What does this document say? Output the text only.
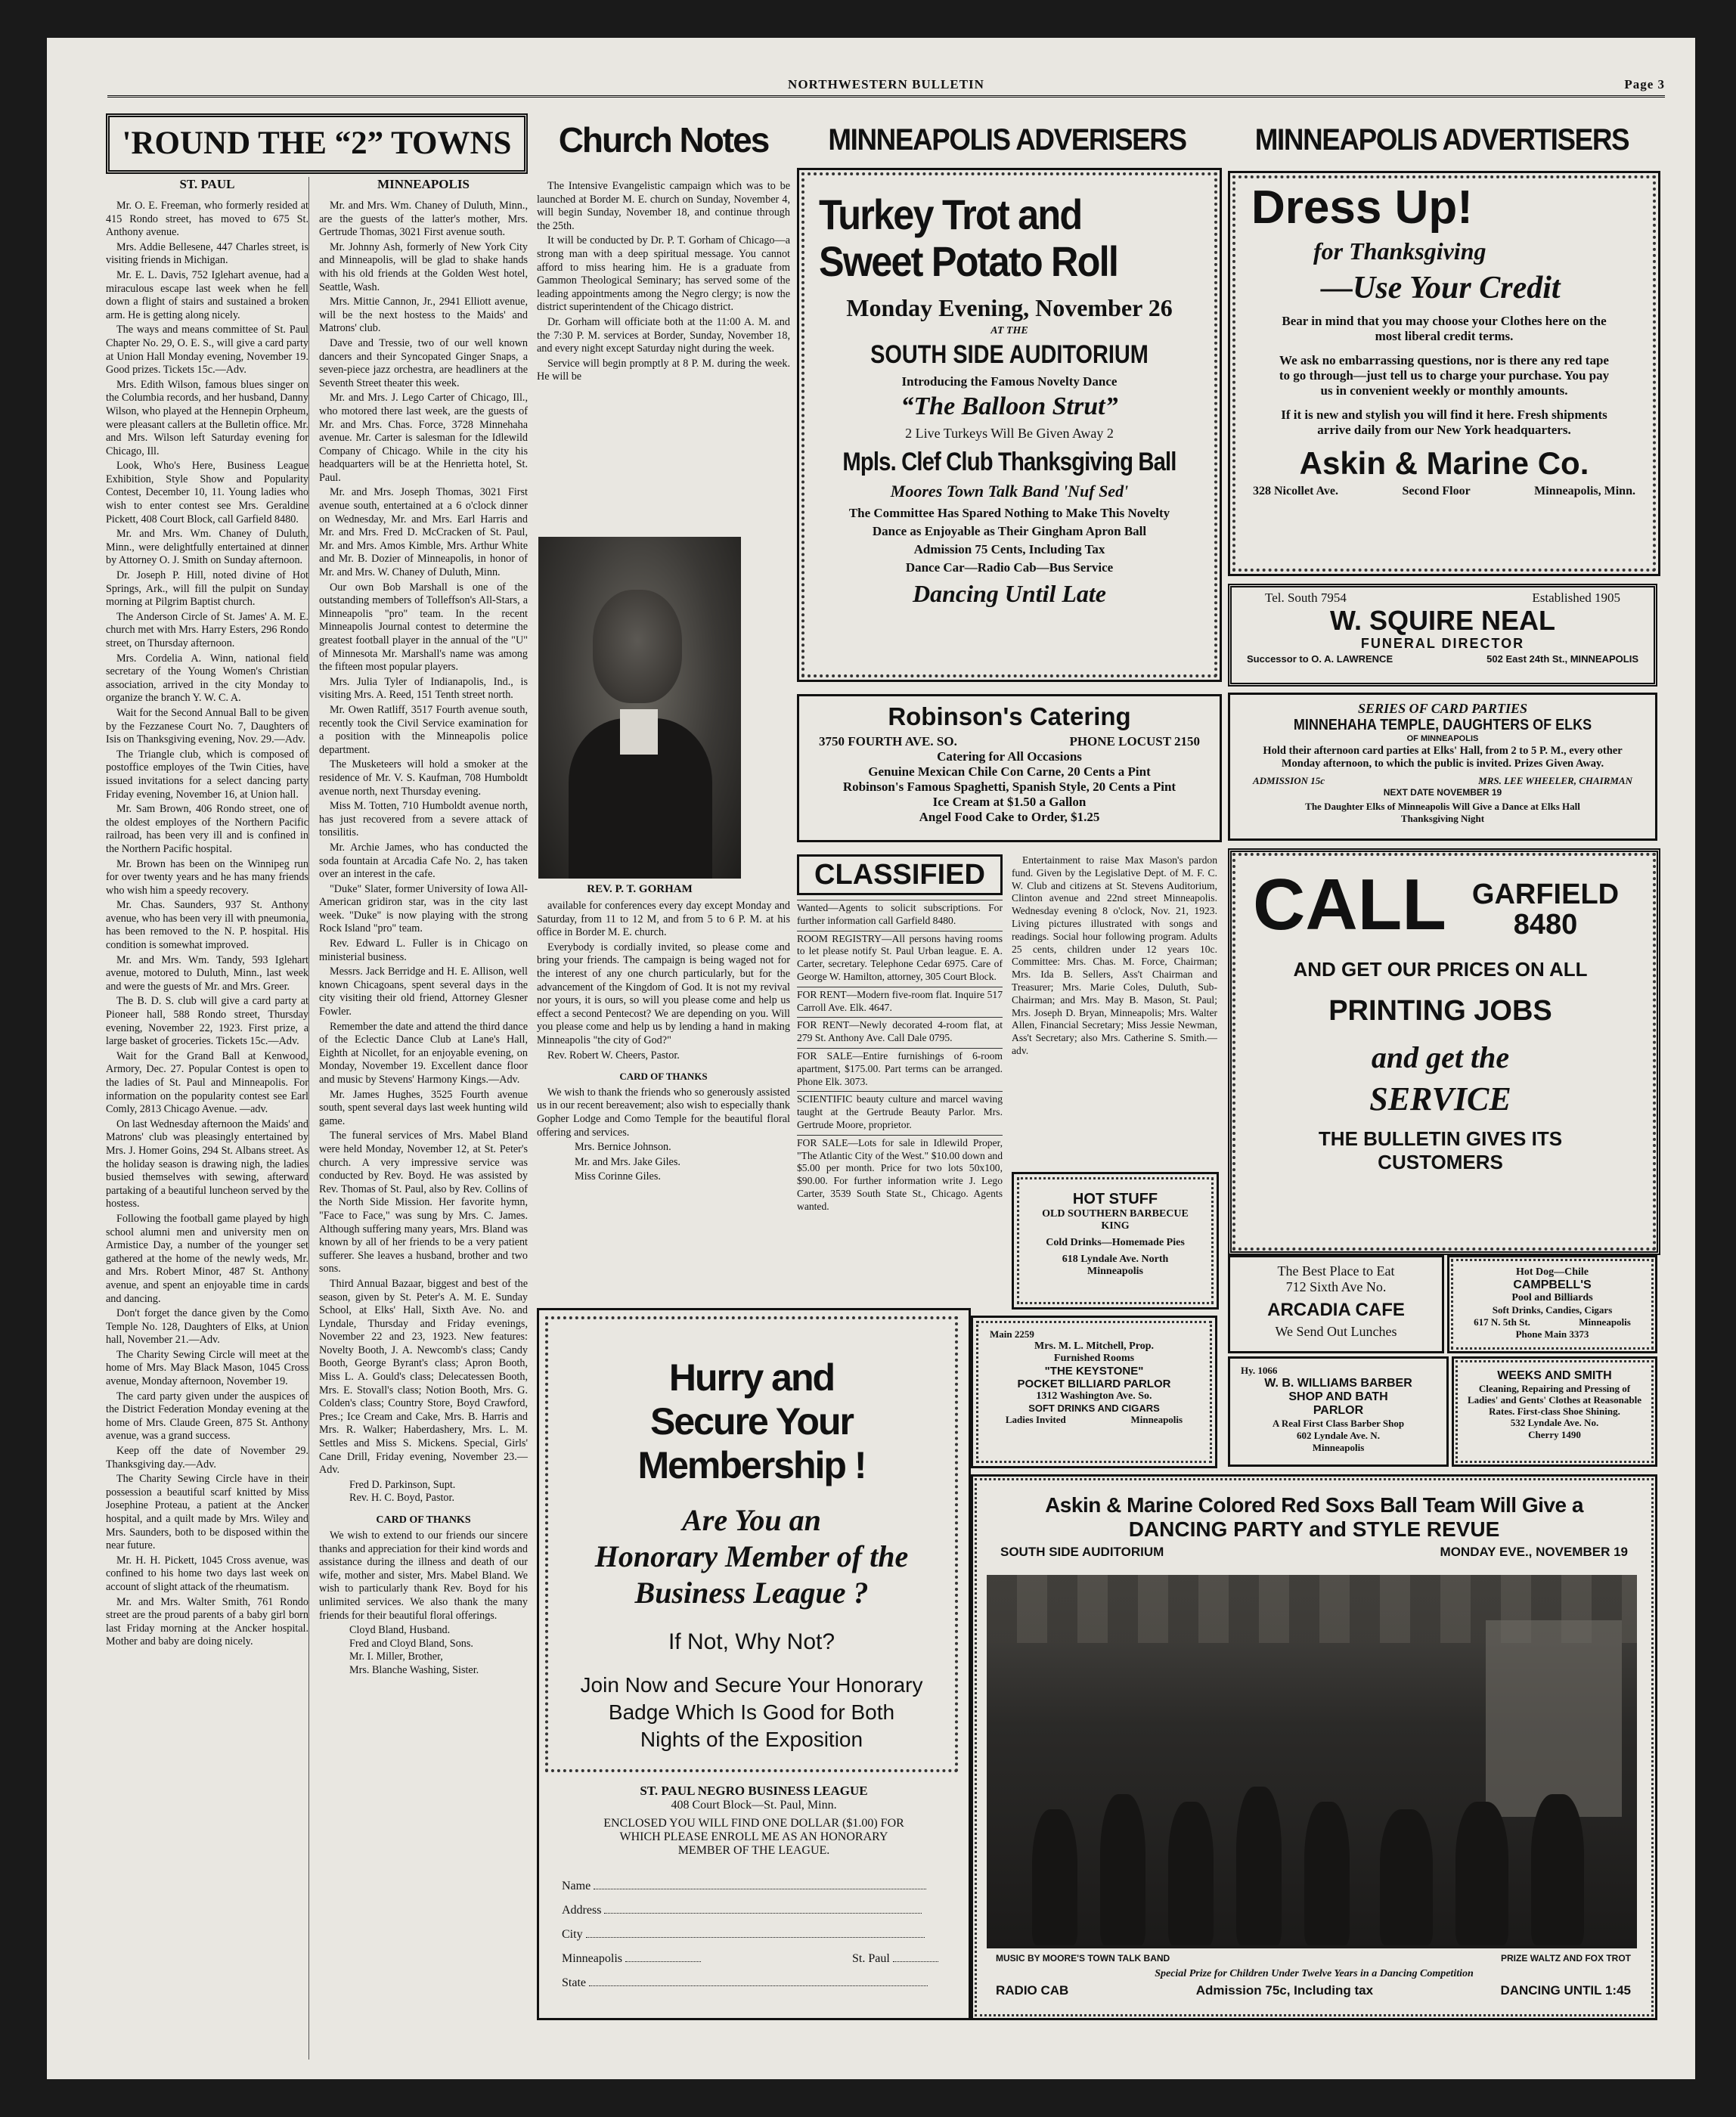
NORTHWESTERN BULLETIN	Page 3
'ROUND THE “2” TOWNS
ST. PAUL

Mr. O. E. Freeman, who formerly resided at 415 Rondo street, has moved to 675 St. Anthony avenue.

Mrs. Addie Bellesene, 447 Charles street, is visiting friends in Michigan.

Mr. E. L. Davis, 752 Iglehart avenue, had a miraculous escape last week when he fell down a flight of stairs and sustained a broken arm. He is getting along nicely.

The ways and means committee of St. Paul Chapter No. 29, O. E. S., will give a card party at Union Hall Monday evening, November 19. Good prizes. Tickets 15c.—Adv.

Mrs. Edith Wilson, famous blues singer on the Columbia records, and her husband, Danny Wilson, who played at the Hennepin Orpheum, were pleasant callers at the Bulletin office. Mr. and Mrs. Wilson left Saturday evening for Chicago, Ill.

Look, Who's Here, Business League Exhibition, Style Show and Popularity Contest, December 10, 11. Young ladies who wish to enter contest see Mrs. Geraldine Pickett, 408 Court Block, call Garfield 8480.

Mr. and Mrs. Wm. Chaney of Duluth, Minn., were delightfully entertained at dinner by Attorney O. J. Smith on Sunday afternoon.

Dr. Joseph P. Hill, noted divine of Hot Springs, Ark., will fill the pulpit on Sunday morning at Pilgrim Baptist church.

The Anderson Circle of St. James' A. M. E. church met with Mrs. Harry Esters, 296 Rondo street, on Thursday afternoon.

Mrs. Cordelia A. Winn, national field secretary of the Young Women's Christian association, arrived in the city Monday to organize the branch Y. W. C. A.

Wait for the Second Annual Ball to be given by the Fezzanese Court No. 7, Daughters of Isis on Thanksgiving evening, Nov. 29.—Adv.

The Triangle club, which is composed of postoffice employes of the Twin Cities, have issued invitations for a select dancing party Friday evening, November 16, at Union hall.

Mr. Sam Brown, 406 Rondo street, one of the oldest employes of the Northern Pacific railroad, has been very ill and is confined in the Northern Pacific hospital.

Mr. Brown has been on the Winnipeg run for over twenty years and he has many friends who wish him a speedy recovery.

Mr. Chas. Saunders, 937 St. Anthony avenue, who has been very ill with pneumonia, has been removed to the N. P. hospital. His condition is somewhat improved.

Mr. and Mrs. Wm. Tandy, 593 Iglehart avenue, motored to Duluth, Minn., last week and were the guests of Mr. and Mrs. Greer.

The B. D. S. club will give a card party at Pioneer hall, 588 Rondo street, Thursday evening, November 22, 1923. First prize, a large basket of groceries. Tickets 15c.—Adv.

Wait for the Grand Ball at Kenwood, Armory, Dec. 27. Popular Contest is open to the ladies of St. Paul and Minneapolis. For information on the popularity contest see Earl Comly, 2813 Chicago Avenue. —adv.

On last Wednesday afternoon the Maids' and Matrons' club was pleasingly entertained by Mrs. J. Homer Goins, 294 St. Albans street. As the holiday season is drawing nigh, the ladies busied themselves with sewing, afterward partaking of a beautiful luncheon served by the hostess.

Following the football game played by high school alumni men and university men on Armistice Day, a number of the younger set gathered at the home of the newly weds, Mr. and Mrs. Robert Minor, 487 St. Anthony avenue, and spent an enjoyable time in cards and dancing.

Don't forget the dance given by the Como Temple No. 128, Daughters of Elks, at Union hall, November 21.—Adv.

The Charity Sewing Circle will meet at the home of Mrs. May Black Mason, 1045 Cross avenue, Monday afternoon, November 19.

The card party given under the auspices of the District Federation Monday evening at the home of Mrs. Claude Green, 875 St. Anthony avenue, was a grand success.

Keep off the date of November 29. Thanksgiving day.—Adv.

The Charity Sewing Circle have in their possession a beautiful scarf knitted by Miss Josephine Proteau, a patient at the Ancker hospital, and a quilt made by Mrs. Wiley and Mrs. Saunders, both to be disposed within the near future.

Mr. H. H. Pickett, 1045 Cross avenue, was confined to his home two days last week on account of slight attack of the rheumatism.

Mr. and Mrs. Walter Smith, 761 Rondo street are the proud parents of a baby girl born last Friday morning at the Ancker hospital. Mother and baby are doing nicely.

MINNEAPOLIS

Mr. and Mrs. Wm. Chaney of Duluth, Minn., are the guests of the latter's mother, Mrs. Gertrude Thomas, 3021 First avenue south.

Mr. Johnny Ash, formerly of New York City and Minneapolis, will be glad to shake hands with his old friends at the Golden West hotel, Seattle, Wash.

Mrs. Mittie Cannon, Jr., 2941 Elliott avenue, will be the next hostess to the Maids' and Matrons' club.

Dave and Tressie, two of our well known dancers and their Syncopated Ginger Snaps, a seven-piece jazz orchestra, are headliners at the Seventh Street theater this week.

Mr. and Mrs. J. Lego Carter of Chicago, Ill., who motored there last week, are the guests of Mr. and Mrs. Chas. Force, 3728 Minnehaha avenue. Mr. Carter is salesman for the Idlewild Company of Chicago. While in the city his headquarters will be at the Henrietta hotel, St. Paul.

Mr. and Mrs. Joseph Thomas, 3021 First avenue south, entertained at a 6 o'clock dinner on Wednesday, Mr. and Mrs. Earl Harris and Mr. and Mrs. Fred D. McCracken of St. Paul, Mr. and Mrs. Amos Kimble, Mrs. Arthur White and Mr. B. Dozier of Minneapolis, in honor of Mr. and Mrs. W. Chaney of Duluth, Minn.

Our own Bob Marshall is one of the outstanding members of Tolleffson's All-Stars, a Minneapolis "pro" team. In the recent Minneapolis Journal contest to determine the greatest football player in the annual of the "U" of Minnesota Mr. Marshall's name was among the fifteen most popular players.

Mrs. Julia Tyler of Indianapolis, Ind., is visiting Mrs. A. Reed, 151 Tenth street north.

Mr. Owen Ratliff, 3517 Fourth avenue south, recently took the Civil Service examination for a position with the Minneapolis police department.

The Musketeers will hold a smoker at the residence of Mr. V. S. Kaufman, 708 Humboldt avenue north, next Thursday evening.

Miss M. Totten, 710 Humboldt avenue north, has just recovered from a severe attack of tonsilitis.

Mr. Archie James, who has conducted the soda fountain at Arcadia Cafe No. 2, has taken over an interest in the cafe.

"Duke" Slater, former University of Iowa All-American gridiron star, was in the city last week. "Duke" is now playing with the strong Rock Island "pro" team.

Rev. Edward L. Fuller is in Chicago on ministerial business.

Messrs. Jack Berridge and H. E. Allison, well known Chicagoans, spent several days in the city visiting their old friend, Attorney Glesner Fowler.

Remember the date and attend the third dance of the Eclectic Dance Club at Lane's Hall, Eighth at Nicollet, for an enjoyable evening, on Monday, November 19. Excellent dance floor and music by Stevens' Harmony Kings.—Adv.

Mr. James Hughes, 3525 Fourth avenue south, spent several days last week hunting wild game.

The funeral services of Mrs. Mabel Bland were held Monday, November 12, at St. Peter's church. A very impressive service was conducted by Rev. Boyd. He was assisted by Rev. Thomas of St. Paul, also by Rev. Collins of the North Side Mission. Her favorite hymn, "Face to Face," was sung by Mrs. C. James. Although suffering many years, Mrs. Bland was known by all of her friends to be a very patient sufferer. She leaves a husband, brother and two sons.

Third Annual Bazaar, biggest and best of the season, given by St. Peter's A. M. E. Sunday School, at Elks' Hall, Sixth Ave. No. and Lyndale, Thursday and Friday evenings, November 22 and 23, 1923. New features: Novelty Booth, J. A. Newcomb's class; Candy Booth, George Byrant's class; Apron Booth, Miss L. A. Gould's class; Delecatessen Booth, Mrs. E. Stovall's class; Notion Booth, Mrs. G. Colden's class; Country Store, Boyd Crawford, Pres.; Ice Cream and Cake, Mrs. B. Harris and Mrs. R. Walker; Haberdashery, Mrs. L. M. Settles and Miss S. Mickens. Special, Girls' Cane Drill, Friday evening, November 23.—Adv.

Fred D. Parkinson, Supt.

Rev. H. C. Boyd, Pastor.

CARD OF THANKS

We wish to extend to our friends our sincere thanks and appreciation for their kind words and assistance during the illness and death of our wife, mother and sister, Mrs. Mabel Bland. We wish to particularly thank Rev. Boyd for his unlimited services. We also thank the many friends for their beautiful floral offerings.

Cloyd Bland, Husband.

Fred and Cloyd Bland, Sons.

Mr. I. Miller, Brother,

Mrs. Blanche Washing, Sister.

Church Notes

The Intensive Evangelistic campaign which was to be launched at Border M. E. church on Sunday, November 4, will begin Sunday, November 18, and continue through the 25th.

It will be conducted by Dr. P. T. Gorham of Chicago—a strong man with a deep spiritual message. You cannot afford to miss hearing him. He is a graduate from Gammon Theological Seminary; has served some of the leading appointments among the Negro clergy; is now the district superintendent of the Chicago district.

Dr. Gorham will officiate both at the 11:00 A. M. and the 7:30 P. M. services at Border, Sunday, November 18, and every night except Saturday night during the week.

Service will begin promptly at 8 P. M. during the week. He will be

REV. P. T. GORHAM

available for conferences every day except Monday and Saturday, from 11 to 12 M, and from 5 to 6 P. M. at his office in Border M. E. church.

Everybody is cordially invited, so please come and bring your friends. The campaign is being waged not for the interest of any one church particularly, but for the advancement of the Kingdom of God. It is not my revival nor yours, it is ours, so will you please come and help us effect a second Pentecost? We are depending on you. Will you please come and help us by lending a hand in making Minneapolis "the city of God?"

Rev. Robert W. Cheers, Pastor.

CARD OF THANKS

We wish to thank the friends who so generously assisted us in our recent bereavement; also wish to especially thank Gopher Lodge and Como Temple for the beautiful floral offering and services.

Mrs. Bernice Johnson.

Mr. and Mrs. Jake Giles.

Miss Corinne Giles.

Hurry and
Secure Your Membership !
Are You an
Honorary Member of the
Business League ?
If Not, Why Not?
Join Now and Secure Your Honorary
Badge Which Is Good for Both
Nights of the Exposition
ST. PAUL NEGRO BUSINESS LEAGUE
408 Court Block—St. Paul, Minn.
ENCLOSED YOU WILL FIND ONE DOLLAR ($1.00) FOR
WHICH PLEASE ENROLL ME AS AN HONORARY
MEMBER OF THE LEAGUE.
Name
Address
City
Minneapolis	St. Paul
State
MINNEAPOLIS ADVERISERS
Turkey Trot and
Sweet Potato Roll
Monday Evening, November 26
AT THE
SOUTH SIDE AUDITORIUM
Introducing the Famous Novelty Dance
“The Balloon Strut”
2 Live Turkeys Will Be Given Away 2
Mpls. Clef Club Thanksgiving Ball
Moores Town Talk Band 'Nuf Sed'
The Committee Has Spared Nothing to Make This Novelty
Dance as Enjoyable as Their Gingham Apron Ball
Admission 75 Cents, Including Tax
Dance Car—Radio Cab—Bus Service
Dancing Until Late
Robinson's Catering
3750 FOURTH AVE. SO.	PHONE LOCUST 2150
Catering for All Occasions
Genuine Mexican Chile Con Carne, 20 Cents a Pint
Robinson's Famous Spaghetti, Spanish Style, 20 Cents a Pint
Ice Cream at $1.50 a Gallon
Angel Food Cake to Order, $1.25
CLASSIFIED

Wanted—Agents to solicit subscriptions. For further information call Garfield 8480.

ROOM REGISTRY—All persons having rooms to let please notify St. Paul Urban league. E. A. Carter, secretary. Telephone Cedar 6975. Care of George W. Hamilton, attorney, 305 Court Block.

FOR RENT—Modern five-room flat. Inquire 517 Carroll Ave. Elk. 4647.

FOR RENT—Newly decorated 4-room flat, at 279 St. Anthony Ave. Call Dale 0795.

FOR SALE—Entire furnishings of 6-room apartment, $175.00. Part terms can be arranged. Phone Elk. 3073.

SCIENTIFIC beauty culture and marcel waving taught at the Gertrude Beauty Parlor. Mrs. Gertrude Moore, proprietor.

FOR SALE—Lots for sale in Idlewild Proper, "The Atlantic City of the West." $10.00 down and $5.00 per month. Price for two lots 50x100, $90.00. For further information write J. Lego Carter, 3539 South State St., Chicago. Agents wanted.

Entertainment to raise Max Mason's pardon fund. Given by the Legislative Dept. of M. F. C. W. Club and citizens at St. Stevens Auditorium, Clinton avenue and 22nd street Minneapolis. Wednesday evening 8 o'clock, Nov. 21, 1923. Living pictures illustrated with songs and readings. Social hour following program. Adults 25 cents, children under 12 years 10c. Committee: Mrs. Chas. M. Force, Chairman; Mrs. Ida B. Sellers, Ass't Chairman and Treasurer; Mrs. Marie Coles, Duluth, Sub-Chairman; and Mrs. May B. Mason, St. Paul; Mrs. Joseph D. Bryan, Minneapolis; Mrs. Walter Allen, Financial Secretary; Miss Jessie Newman, Ass't Secretary; also Mrs. Catherine S. Smith.—adv.

HOT STUFF
OLD SOUTHERN BARBECUE
KING
Cold Drinks—Homemade Pies
618 Lyndale Ave. North
Minneapolis
Main 2259
Mrs. M. L. Mitchell, Prop.
Furnished Rooms
"THE KEYSTONE"
POCKET BILLIARD PARLOR
1312 Washington Ave. So.
SOFT DRINKS AND CIGARS
Ladies Invited	Minneapolis
MINNEAPOLIS ADVERTISERS
Dress Up!
for Thanksgiving
—Use Your Credit
Bear in mind that you may choose your Clothes here on the most liberal credit terms.
We ask no embarrassing questions, nor is there any red tape to go through—just tell us to charge your purchase. You pay us in convenient weekly or monthly amounts.
If it is new and stylish you will find it here. Fresh shipments arrive daily from our New York headquarters.
Askin & Marine Co.
328 Nicollet Ave.	Second Floor	Minneapolis, Minn.
Tel. South 7954	Established 1905
W. SQUIRE NEAL
FUNERAL DIRECTOR
Successor to O. A. LAWRENCE	502 East 24th St., MINNEAPOLIS
SERIES OF CARD PARTIES
MINNEHAHA TEMPLE, DAUGHTERS OF ELKS
OF MINNEAPOLIS
Hold their afternoon card parties at Elks' Hall, from 2 to 5 P. M., every other Monday afternoon, to which the public is invited. Prizes Given Away.
ADMISSION 15c	MRS. LEE WHEELER, CHAIRMAN
NEXT DATE NOVEMBER 19
The Daughter Elks of Minneapolis Will Give a Dance at Elks Hall
Thanksgiving Night
CALL GARFIELD
8480
AND GET OUR PRICES ON ALL
PRINTING JOBS
and get the
SERVICE
THE BULLETIN GIVES ITS
CUSTOMERS
The Best Place to Eat
712 Sixth Ave No.
ARCADIA CAFE
We Send Out Lunches
Hot Dog—Chile
CAMPBELL'S
Pool and Billiards
Soft Drinks, Candies, Cigars
617 N. 5th St.	Minneapolis
Phone Main 3373
Hy. 1066
W. B. WILLIAMS BARBER
SHOP AND BATH
PARLOR
A Real First Class Barber Shop
602 Lyndale Ave. N.
Minneapolis
WEEKS AND SMITH
Cleaning, Repairing and Pressing of Ladies' and Gents' Clothes at Reasonable Rates. First-class Shoe Shining.
532 Lyndale Ave. No.
Cherry 1490
Askin & Marine Colored Red Soxs Ball Team Will Give a
DANCING PARTY and STYLE REVUE
SOUTH SIDE AUDITORIUM	MONDAY EVE., NOVEMBER 19
MUSIC BY MOORE'S TOWN TALK BAND	PRIZE WALTZ AND FOX TROT
Special Prize for Children Under Twelve Years in a Dancing Competition
RADIO CAB	Admission 75c, Including tax	DANCING UNTIL 1:45
